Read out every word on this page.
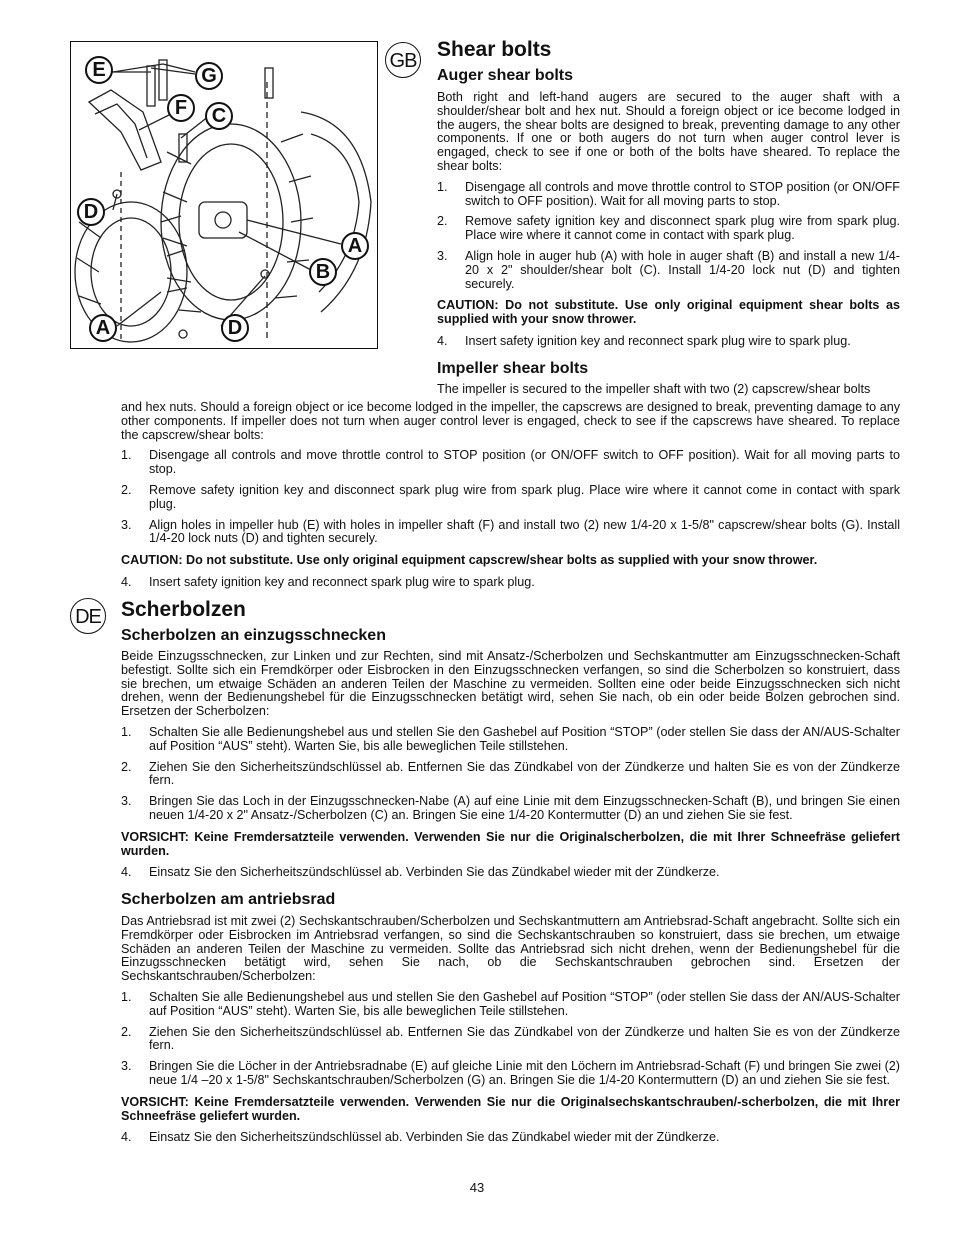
E	G
F	C
D
A
B
A	D
GB Shear bolts
Auger shear bolts

Both right and left-hand augers are secured to the auger shaft with a shoulder/shear bolt and hex nut. Should a foreign object or ice become lodged in the augers, the shear bolts are designed to break, preventing damage to any other components. If one or both augers do not turn when auger control lever is engaged, check to see if one or both of the bolts have sheared. To replace the shear bolts:

1. Disengage all controls and move throttle control to STOP position (or ON/OFF switch to OFF position). Wait for all moving parts to stop.
2. Remove safety ignition key and disconnect spark plug wire from spark plug. Place wire where it cannot come in contact with spark plug.
3. Align hole in auger hub (A) with hole in auger shaft (B) and install a new 1/4-20 x 2" shoulder/shear bolt (C). Install 1/4-20 lock nut (D) and tighten securely.

CAUTION: Do not substitute. Use only original equipment shear bolts as supplied with your snow thrower.

4. Insert safety ignition key and reconnect spark plug wire to spark plug.
Impeller shear bolts

The impeller is secured to the impeller shaft with two (2) capscrew/shear bolts

and hex nuts. Should a foreign object or ice become lodged in the impeller, the capscrews are designed to break, preventing damage to any other components. If impeller does not turn when auger control lever is engaged, check to see if the capscrews have sheared. To replace the capscrew/shear bolts:

1. Disengage all controls and move throttle control to STOP position (or ON/OFF switch to OFF position). Wait for all moving parts to stop.
2. Remove safety ignition key and disconnect spark plug wire from spark plug. Place wire where it cannot come in contact with spark plug.
3. Align holes in impeller hub (E) with holes in impeller shaft (F) and install two (2) new 1/4-20 x 1-5/8" capscrew/shear bolts (G). Install 1/4-20 lock nuts (D) and tighten securely.

CAUTION: Do not substitute. Use only original equipment capscrew/shear bolts as supplied with your snow thrower.

4. Insert safety ignition key and reconnect spark plug wire to spark plug.
DE Scherbolzen
Scherbolzen an einzugsschnecken

Beide Einzugsschnecken, zur Linken und zur Rechten, sind mit Ansatz-/Scherbolzen und Sechskantmutter am Einzugsschnecken-Schaft befestigt. Sollte sich ein Fremdkörper oder Eisbrocken in den Einzugsschnecken verfangen, so sind die Scherbolzen so konstruiert, dass sie brechen, um etwaige Schäden an anderen Teilen der Maschine zu vermeiden. Sollten eine oder beide Einzugsschnecken sich nicht drehen, wenn der Bedienungshebel für die Einzugsschnecken betätigt wird, sehen Sie nach, ob ein oder beide Bolzen gebrochen sind. Ersetzen der Scherbolzen:

1. Schalten Sie alle Bedienungshebel aus und stellen Sie den Gashebel auf Position “STOP” (oder stellen Sie dass der AN/AUS-Schalter auf Position “AUS” steht). Warten Sie, bis alle beweglichen Teile stillstehen.
2. Ziehen Sie den Sicherheitszündschlüssel ab. Entfernen Sie das Zündkabel von der Zündkerze und halten Sie es von der Zündkerze fern.
3. Bringen Sie das Loch in der Einzugsschnecken-Nabe (A) auf eine Linie mit dem Einzugsschnecken-Schaft (B), und bringen Sie einen neuen 1/4-20 x 2" Ansatz-/Scherbolzen (C) an. Bringen Sie eine 1/4-20 Kontermutter (D) an und ziehen Sie sie fest.

VORSICHT: Keine Fremdersatzteile verwenden. Verwenden Sie nur die Originalscherbolzen, die mit Ihrer Schneefräse geliefert wurden.

4. Einsatz Sie den Sicherheitszündschlüssel ab. Verbinden Sie das Zündkabel wieder mit der Zündkerze.
Scherbolzen am antriebsrad

Das Antriebsrad ist mit zwei (2) Sechskantschrauben/Scherbolzen und Sechskantmuttern am Antriebsrad-Schaft angebracht. Sollte sich ein Fremdkörper oder Eisbrocken im Antriebsrad verfangen, so sind die Sechskantschrauben so konstruiert, dass sie brechen, um etwaige Schäden an anderen Teilen der Maschine zu vermeiden. Sollte das Antriebsrad sich nicht drehen, wenn der Bedienungshebel für die Einzugsschnecken betätigt wird, sehen Sie nach, ob die Sechskantschrauben gebrochen sind. Ersetzen der Sechskantschrauben/Scherbolzen:

1. Schalten Sie alle Bedienungshebel aus und stellen Sie den Gashebel auf Position “STOP” (oder stellen Sie dass der AN/AUS-Schalter auf Position “AUS” steht). Warten Sie, bis alle beweglichen Teile stillstehen.
2. Ziehen Sie den Sicherheitszündschlüssel ab. Entfernen Sie das Zündkabel von der Zündkerze und halten Sie es von der Zündkerze fern.
3. Bringen Sie die Löcher in der Antriebsradnabe (E) auf gleiche Linie mit den Löchern im Antriebsrad-Schaft (F) und bringen Sie zwei (2) neue 1/4 –20 x 1-5/8" Sechskantschrauben/Scherbolzen (G) an. Bringen Sie die 1/4-20 Kontermuttern (D) an und ziehen Sie sie fest.

VORSICHT: Keine Fremdersatzteile verwenden. Verwenden Sie nur die Originalsechskantschrauben/-scherbolzen, die mit Ihrer Schneefräse geliefert wurden.

4. Einsatz Sie den Sicherheitszündschlüssel ab. Verbinden Sie das Zündkabel wieder mit der Zündkerze.
43
